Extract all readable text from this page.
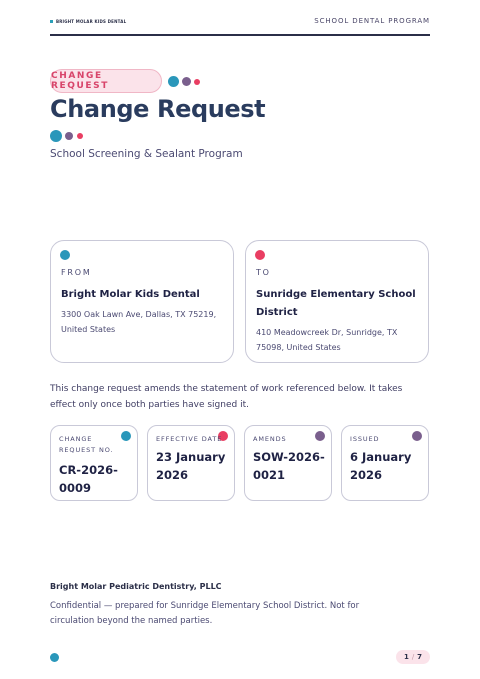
BRIGHT MOLAR KIDS DENTAL	SCHOOL DENTAL PROGRAM
CHANGE REQUEST
Change Request
School Screening & Sealant Program
FROM
Bright Molar Kids Dental
3300 Oak Lawn Ave, Dallas, TX 75219, United States
TO
Sunridge Elementary School District
410 Meadowcreek Dr, Sunridge, TX 75098, United States

This change request amends the statement of work referenced below. It takes effect only once both parties have signed it.

CHANGE REQUEST NO.
CR-2026-0009
EFFECTIVE DATE
23 January 2026
AMENDS
SOW-2026-0021
ISSUED
6 January 2026
Bright Molar Pediatric Dentistry, PLLC

Confidential — prepared for Sunridge Elementary School District. Not for circulation beyond the named parties.

1 / 7
